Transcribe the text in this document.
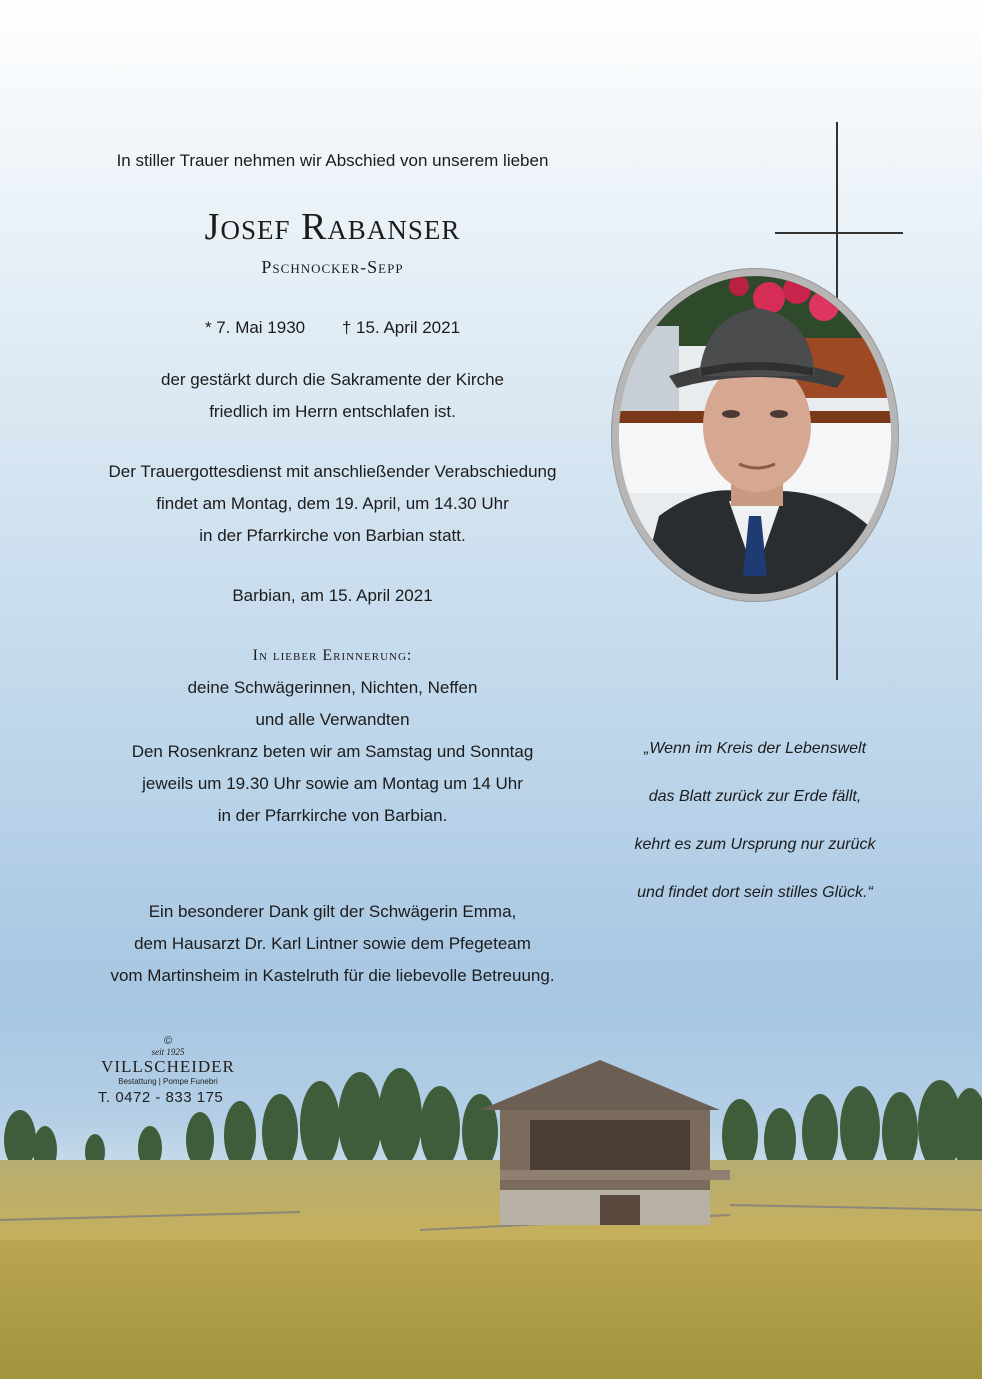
In stiller Trauer nehmen wir Abschied von unserem lieben
Josef Rabanser
Pschnocker-Sepp
* 7. Mai 1930 † 15. April 2021
der gestärkt durch die Sakramente der Kirche
friedlich im Herrn entschlafen ist.
Der Trauergottesdienst mit anschließender Verabschiedung
findet am Montag, dem 19. April, um 14.30 Uhr
in der Pfarrkirche von Barbian statt.
Barbian, am 15. April 2021
In lieber Erinnerung:
deine Schwägerinnen, Nichten, Neffen
und alle Verwandten
Den Rosenkranz beten wir am Samstag und Sonntag
jeweils um 19.30 Uhr sowie am Montag um 14 Uhr
in der Pfarrkirche von Barbian.
Ein besonderer Dank gilt der Schwägerin Emma,
dem Hausarzt Dr. Karl Lintner sowie dem Pfegeteam
vom Martinsheim in Kastelruth für die liebevolle Betreuung.
„Wenn im Kreis der Lebenswelt
das Blatt zurück zur Erde fällt,
kehrt es zum Ursprung nur zurück
und findet dort sein stilles Glück.“
©
seit 1925
VILLSCHEIDER
Bestattung | Pompe Funebri
T. 0472 - 833 175
